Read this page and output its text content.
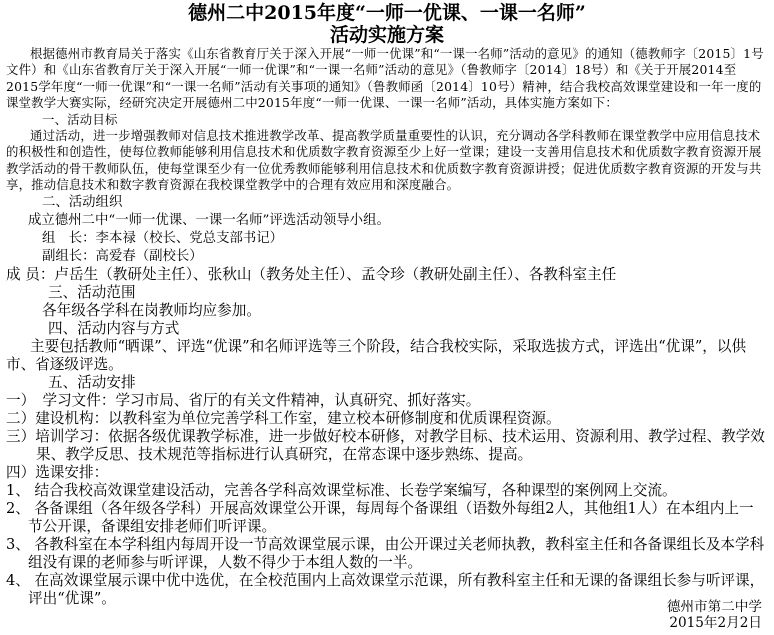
德州二中2015年度“一师一优课、一课一名师”
活动实施方案

根据德州市教育局关于落实《山东省教育厅关于深入开展“一师一优课”和“一课一名师”活动的意见》的通知（德教师字〔2015〕1号文件）和《山东省教育厅关于深入开展“一师一优课”和“一课一名师”活动的意见》（鲁教师字〔2014〕18号）和《关于开展2014至2015学年度“一师一优课”和“一课一名师”活动有关事项的通知》（鲁教师函〔2014〕10号）精神，结合我校高效课堂建设和一年一度的课堂教学大赛实际，经研究决定开展德州二中2015年度“一师一优课、一课一名师”活动，具体实施方案如下：

一、活动目标

通过活动，进一步增强教师对信息技术推进教学改革、提高教学质量重要性的认识，充分调动各学科教师在课堂教学中应用信息技术的积极性和创造性，使每位教师能够利用信息技术和优质数字教育资源至少上好一堂课；建设一支善用信息技术和优质数字教育资源开展教学活动的骨干教师队伍，使每堂课至少有一位优秀教师能够利用信息技术和优质数字教育资源讲授；促进优质数字教育资源的开发与共享，推动信息技术和数字教育资源在我校课堂教学中的合理有效应用和深度融合。

二、活动组织

成立德州二中“一师一优课、一课一名师”评选活动领导小组。

组　长：李本禄（校长、党总支部书记）

副组长：高爱春（副校长）

成 员：卢岳生（教研处主任）、张秋山（教务处主任）、孟令珍（教研处副主任）、各教科室主任

三、活动范围

各年级各学科在岗教师均应参加。

四、活动内容与方式

主要包括教师“晒课”、评选“优课”和名师评选等三个阶段，结合我校实际，采取选拔方式，评选出“优课”，以供市、省逐级评选。

五、活动安排

一）　学习文件：学习市局、省厅的有关文件精神，认真研究、抓好落实。

二）建设机构：以教科室为单位完善学科工作室，建立校本研修制度和优质课程资源。

三）培训学习：依据各级优课教学标准，进一步做好校本研修，对教学目标、技术运用、资源利用、教学过程、教学效果、教学反思、技术规范等指标进行认真研究，在常态课中逐步熟练、提高。

四）选课安排：

1、 结合我校高效课堂建设活动，完善各学科高效课堂标准、长卷学案编写，各种课型的案例网上交流。

2、 各备课组（各年级各学科）开展高效课堂公开课，每周每个备课组（语数外每组2人，其他组1人）在本组内上一节公开课，备课组安排老师们听评课。

3、 各教科室在本学科组内每周开设一节高效课堂展示课，由公开课过关老师执教，教科室主任和各备课组长及本学科组没有课的老师参与听评课，人数不得少于本组人数的一半。

4、 在高效课堂展示课中优中选优，在全校范围内上高效课堂示范课，所有教科室主任和无课的备课组长参与听评课，评出“优课”。

德州市第二中学
2015年2月2日
